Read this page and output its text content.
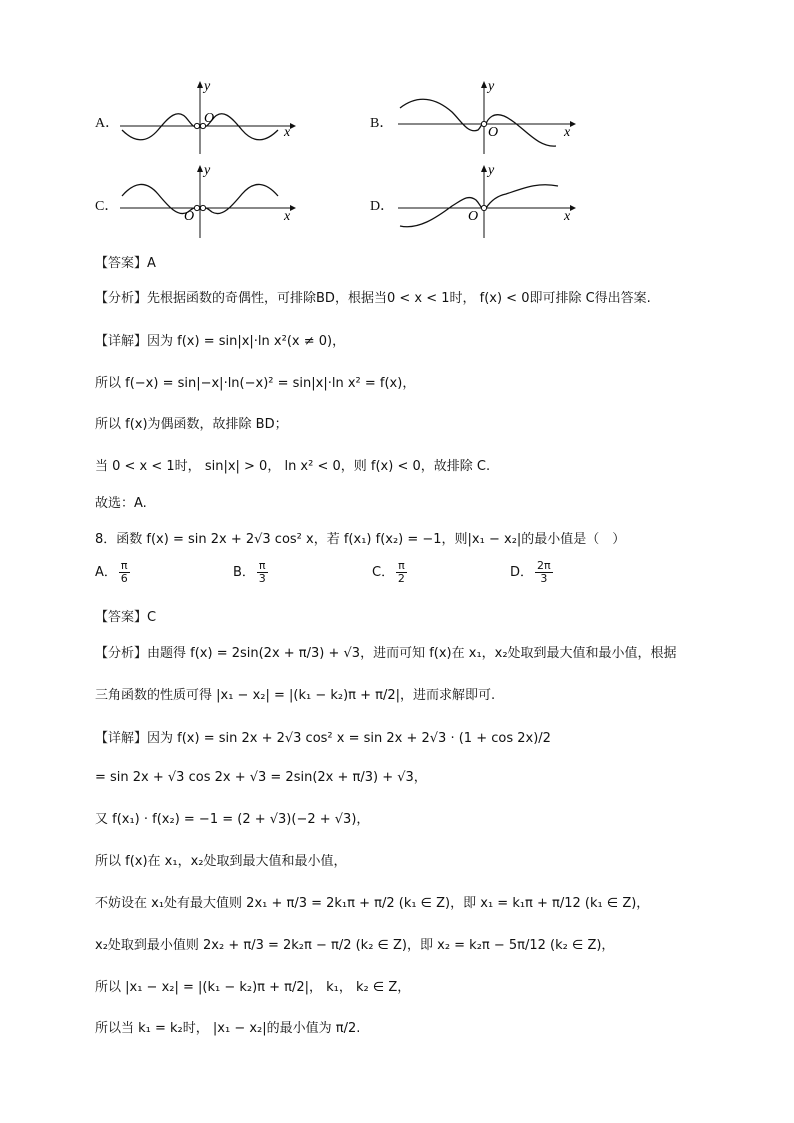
A．
y
O
x
B．
y
O	x
C．
y
O	x
D．
y
O	x
【答案】A
【分析】先根据函数的奇偶性，可排除BD，根据当0 < x < 1时， f(x) < 0即可排除 C得出答案.
【详解】因为 f(x) = sin|x|·ln x²(x ≠ 0)，
所以 f(−x) = sin|−x|·ln(−x)² = sin|x|·ln x² = f(x)，
所以 f(x)为偶函数，故排除 BD；
当 0 < x < 1时， sin|x| > 0， ln x² < 0，则 f(x) < 0，故排除 C.
故选：A.
8．函数 f(x) = sin 2x + 2√3 cos² x，若 f(x₁) f(x₂) = −1，则|x₁ − x₂|的最小值是（　）
A． $\frac{\pi}{6}$	B． $\frac{\pi}{3}$	C． $\frac{\pi}{2}$	D． $\frac{2\pi}{3}$
【答案】C
【分析】由题得 f(x) = 2sin(2x + π/3) + √3，进而可知 f(x)在 x₁，x₂处取到最大值和最小值，根据
三角函数的性质可得 |x₁ − x₂| = |(k₁ − k₂)π + π/2|，进而求解即可.
【详解】因为 f(x) = sin 2x + 2√3 cos² x = sin 2x + 2√3 · (1 + cos 2x)/2
= sin 2x + √3 cos 2x + √3 = 2sin(2x + π/3) + √3，
又 f(x₁) · f(x₂) = −1 = (2 + √3)(−2 + √3)，
所以 f(x)在 x₁，x₂处取到最大值和最小值，
不妨设在 x₁处有最大值则 2x₁ + π/3 = 2k₁π + π/2 (k₁ ∈ Z)，即 x₁ = k₁π + π/12 (k₁ ∈ Z)，
x₂处取到最小值则 2x₂ + π/3 = 2k₂π − π/2 (k₂ ∈ Z)，即 x₂ = k₂π − 5π/12 (k₂ ∈ Z)，
所以 |x₁ − x₂| = |(k₁ − k₂)π + π/2|， k₁， k₂ ∈ Z，
所以当 k₁ = k₂时， |x₁ − x₂|的最小值为 π/2.
